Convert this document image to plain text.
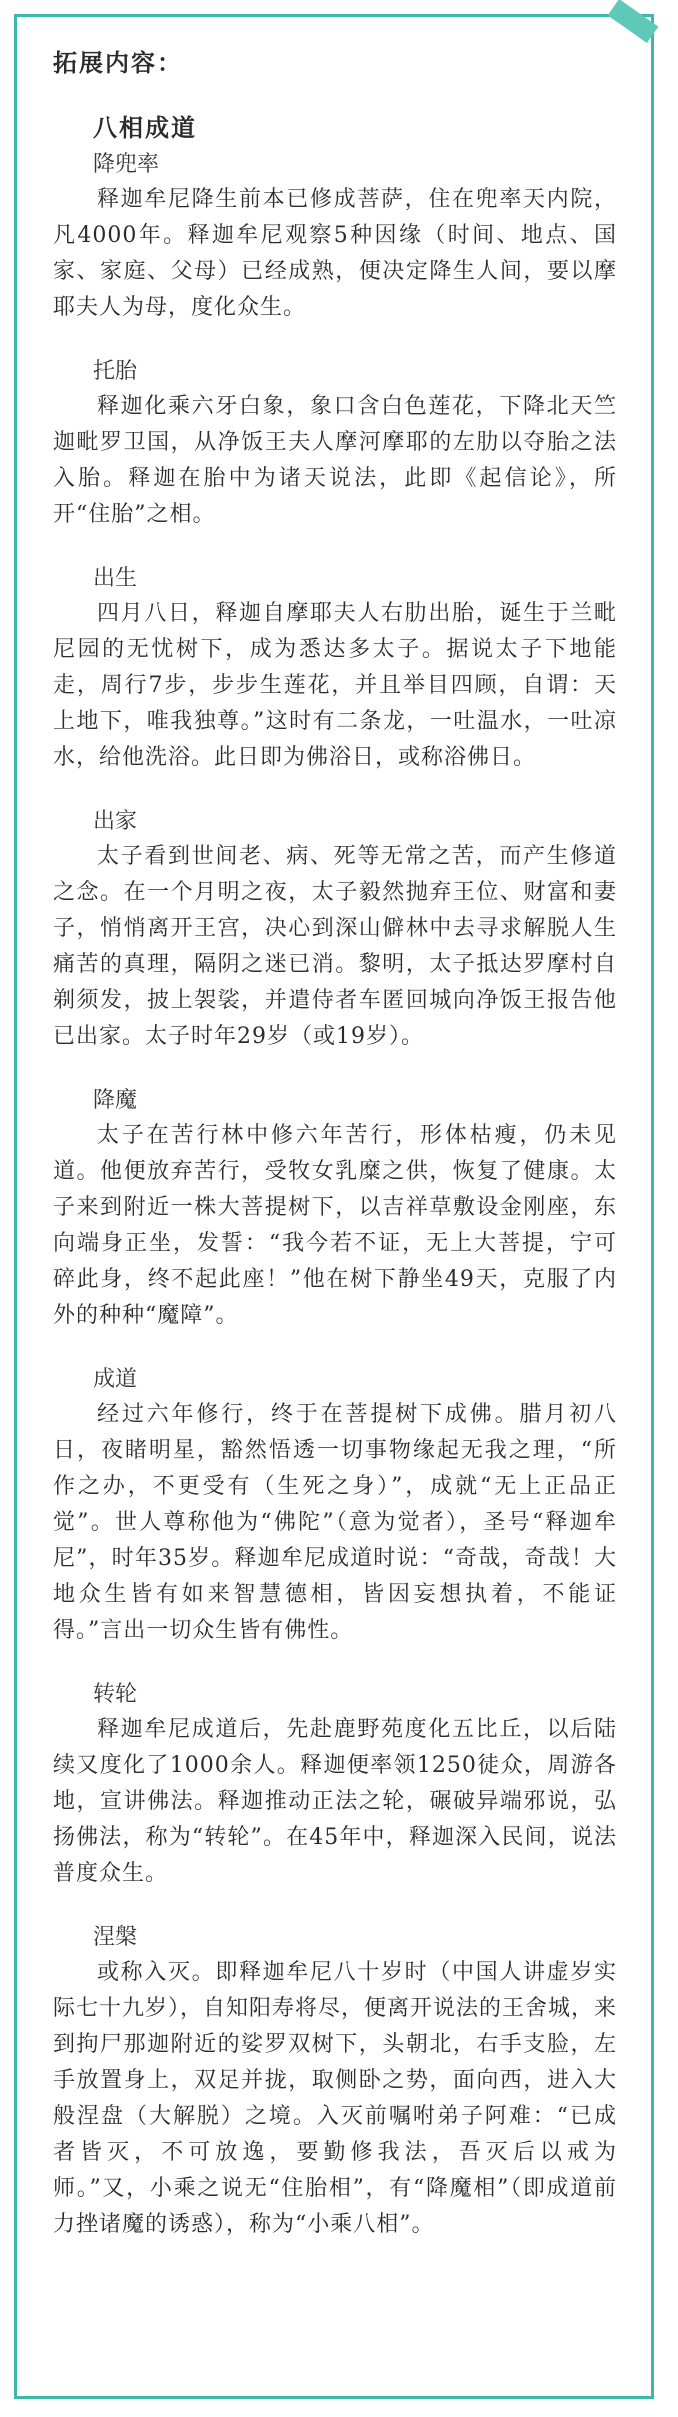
拓展内容：
八相成道
降兜率

释迦牟尼降生前本已修成菩萨，住在兜率天内院，凡4000年。释迦牟尼观察5种因缘（时间、地点、国家、家庭、父母）已经成熟，便决定降生人间，要以摩耶夫人为母，度化众生。

托胎

释迦化乘六牙白象，象口含白色莲花，下降北天竺迦毗罗卫国，从净饭王夫人摩河摩耶的左肋以夺胎之法入胎。释迦在胎中为诸天说法，此即《起信论》，所开“住胎”之相。

出生

四月八日，释迦自摩耶夫人右肋出胎，诞生于兰毗尼园的无忧树下，成为悉达多太子。据说太子下地能走，周行7步，步步生莲花，并且举目四顾，自谓：天上地下，唯我独尊。”这时有二条龙，一吐温水，一吐凉水，给他洗浴。此日即为佛浴日，或称浴佛日。

出家

太子看到世间老、病、死等无常之苦，而产生修道之念。在一个月明之夜，太子毅然抛弃王位、财富和妻子，悄悄离开王宫，决心到深山僻林中去寻求解脱人生痛苦的真理，隔阴之迷已消。黎明，太子抵达罗摩村自剃须发，披上袈裟，并遣侍者车匿回城向净饭王报告他已出家。太子时年29岁（或19岁）。

降魔

太子在苦行林中修六年苦行，形体枯瘦，仍未见道。他便放弃苦行，受牧女乳糜之供，恢复了健康。太子来到附近一株大菩提树下，以吉祥草敷设金刚座，东向端身正坐，发誓：“我今若不证，无上大菩提，宁可碎此身，终不起此座！”他在树下静坐49天，克服了内外的种种“魔障”。

成道

经过六年修行，终于在菩提树下成佛。腊月初八日，夜睹明星，豁然悟透一切事物缘起无我之理，“所作之办，不更受有（生死之身）”，成就“无上正品正觉”。世人尊称他为“佛陀”（意为觉者），圣号“释迦牟尼”，时年35岁。释迦牟尼成道时说：“奇哉，奇哉！大地众生皆有如来智慧德相，皆因妄想执着，不能证得。”言出一切众生皆有佛性。

转轮

释迦牟尼成道后，先赴鹿野苑度化五比丘，以后陆续又度化了1000余人。释迦便率领1250徒众，周游各地，宣讲佛法。释迦推动正法之轮，碾破异端邪说，弘扬佛法，称为“转轮”。在45年中，释迦深入民间，说法普度众生。

涅槃

或称入灭。即释迦牟尼八十岁时（中国人讲虚岁实际七十九岁），自知阳寿将尽，便离开说法的王舍城，来到拘尸那迦附近的娑罗双树下，头朝北，右手支脸，左手放置身上，双足并拢，取侧卧之势，面向西，进入大般涅盘（大解脱）之境。入灭前嘱咐弟子阿难：“已成者皆灭，不可放逸，要勤修我法，吾灭后以戒为师。”又，小乘之说无“住胎相”，有“降魔相”（即成道前力挫诸魔的诱惑），称为“小乘八相”。
